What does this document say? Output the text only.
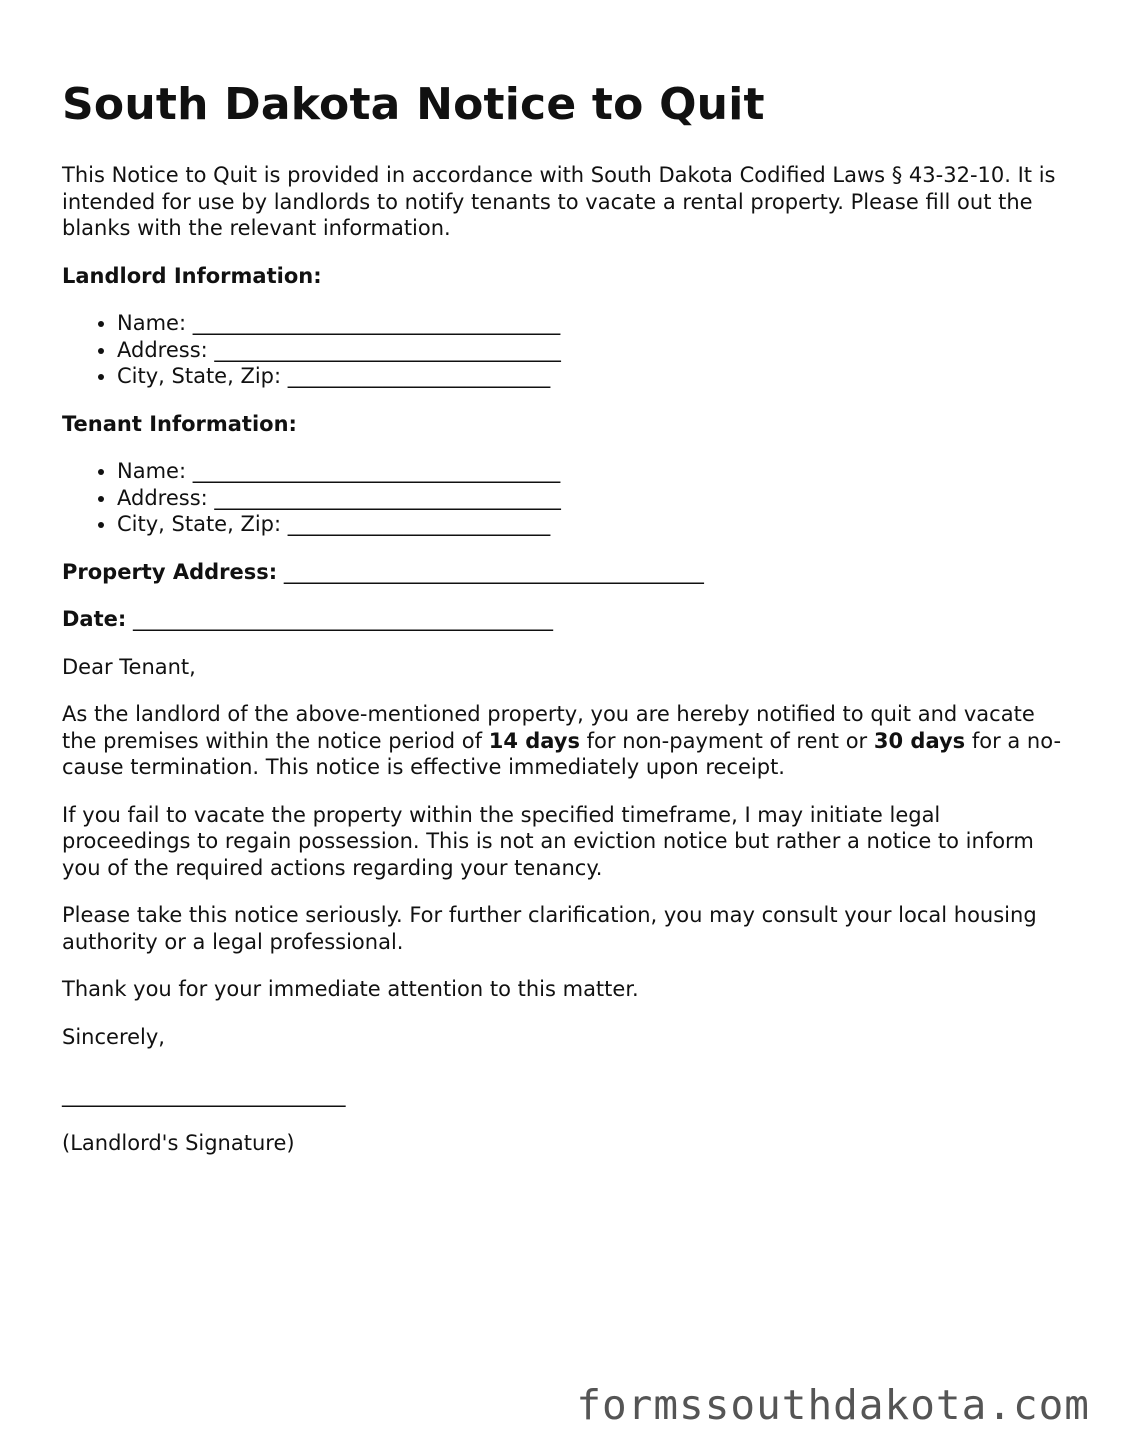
South Dakota Notice to Quit

This Notice to Quit is provided in accordance with South Dakota Codified Laws § 43-32-10. It is intended for use by landlords to notify tenants to vacate a rental property. Please fill out the blanks with the relevant information.

Landlord Information:
• Name: ___________________________________
• Address: _________________________________
• City, State, Zip: _________________________
Tenant Information:
• Name: ___________________________________
• Address: _________________________________
• City, State, Zip: _________________________

Property Address: ________________________________________

Date: ________________________________________

Dear Tenant,

As the landlord of the above-mentioned property, you are hereby notified to quit and vacate the premises within the notice period of 14 days for non-payment of rent or 30 days for a no-cause termination. This notice is effective immediately upon receipt.

If you fail to vacate the property within the specified timeframe, I may initiate legal proceedings to regain possession. This is not an eviction notice but rather a notice to inform you of the required actions regarding your tenancy.

Please take this notice seriously. For further clarification, you may consult your local housing authority or a legal professional.

Thank you for your immediate attention to this matter.

Sincerely,

___________________________

(Landlord's Signature)

formssouthdakota.com
